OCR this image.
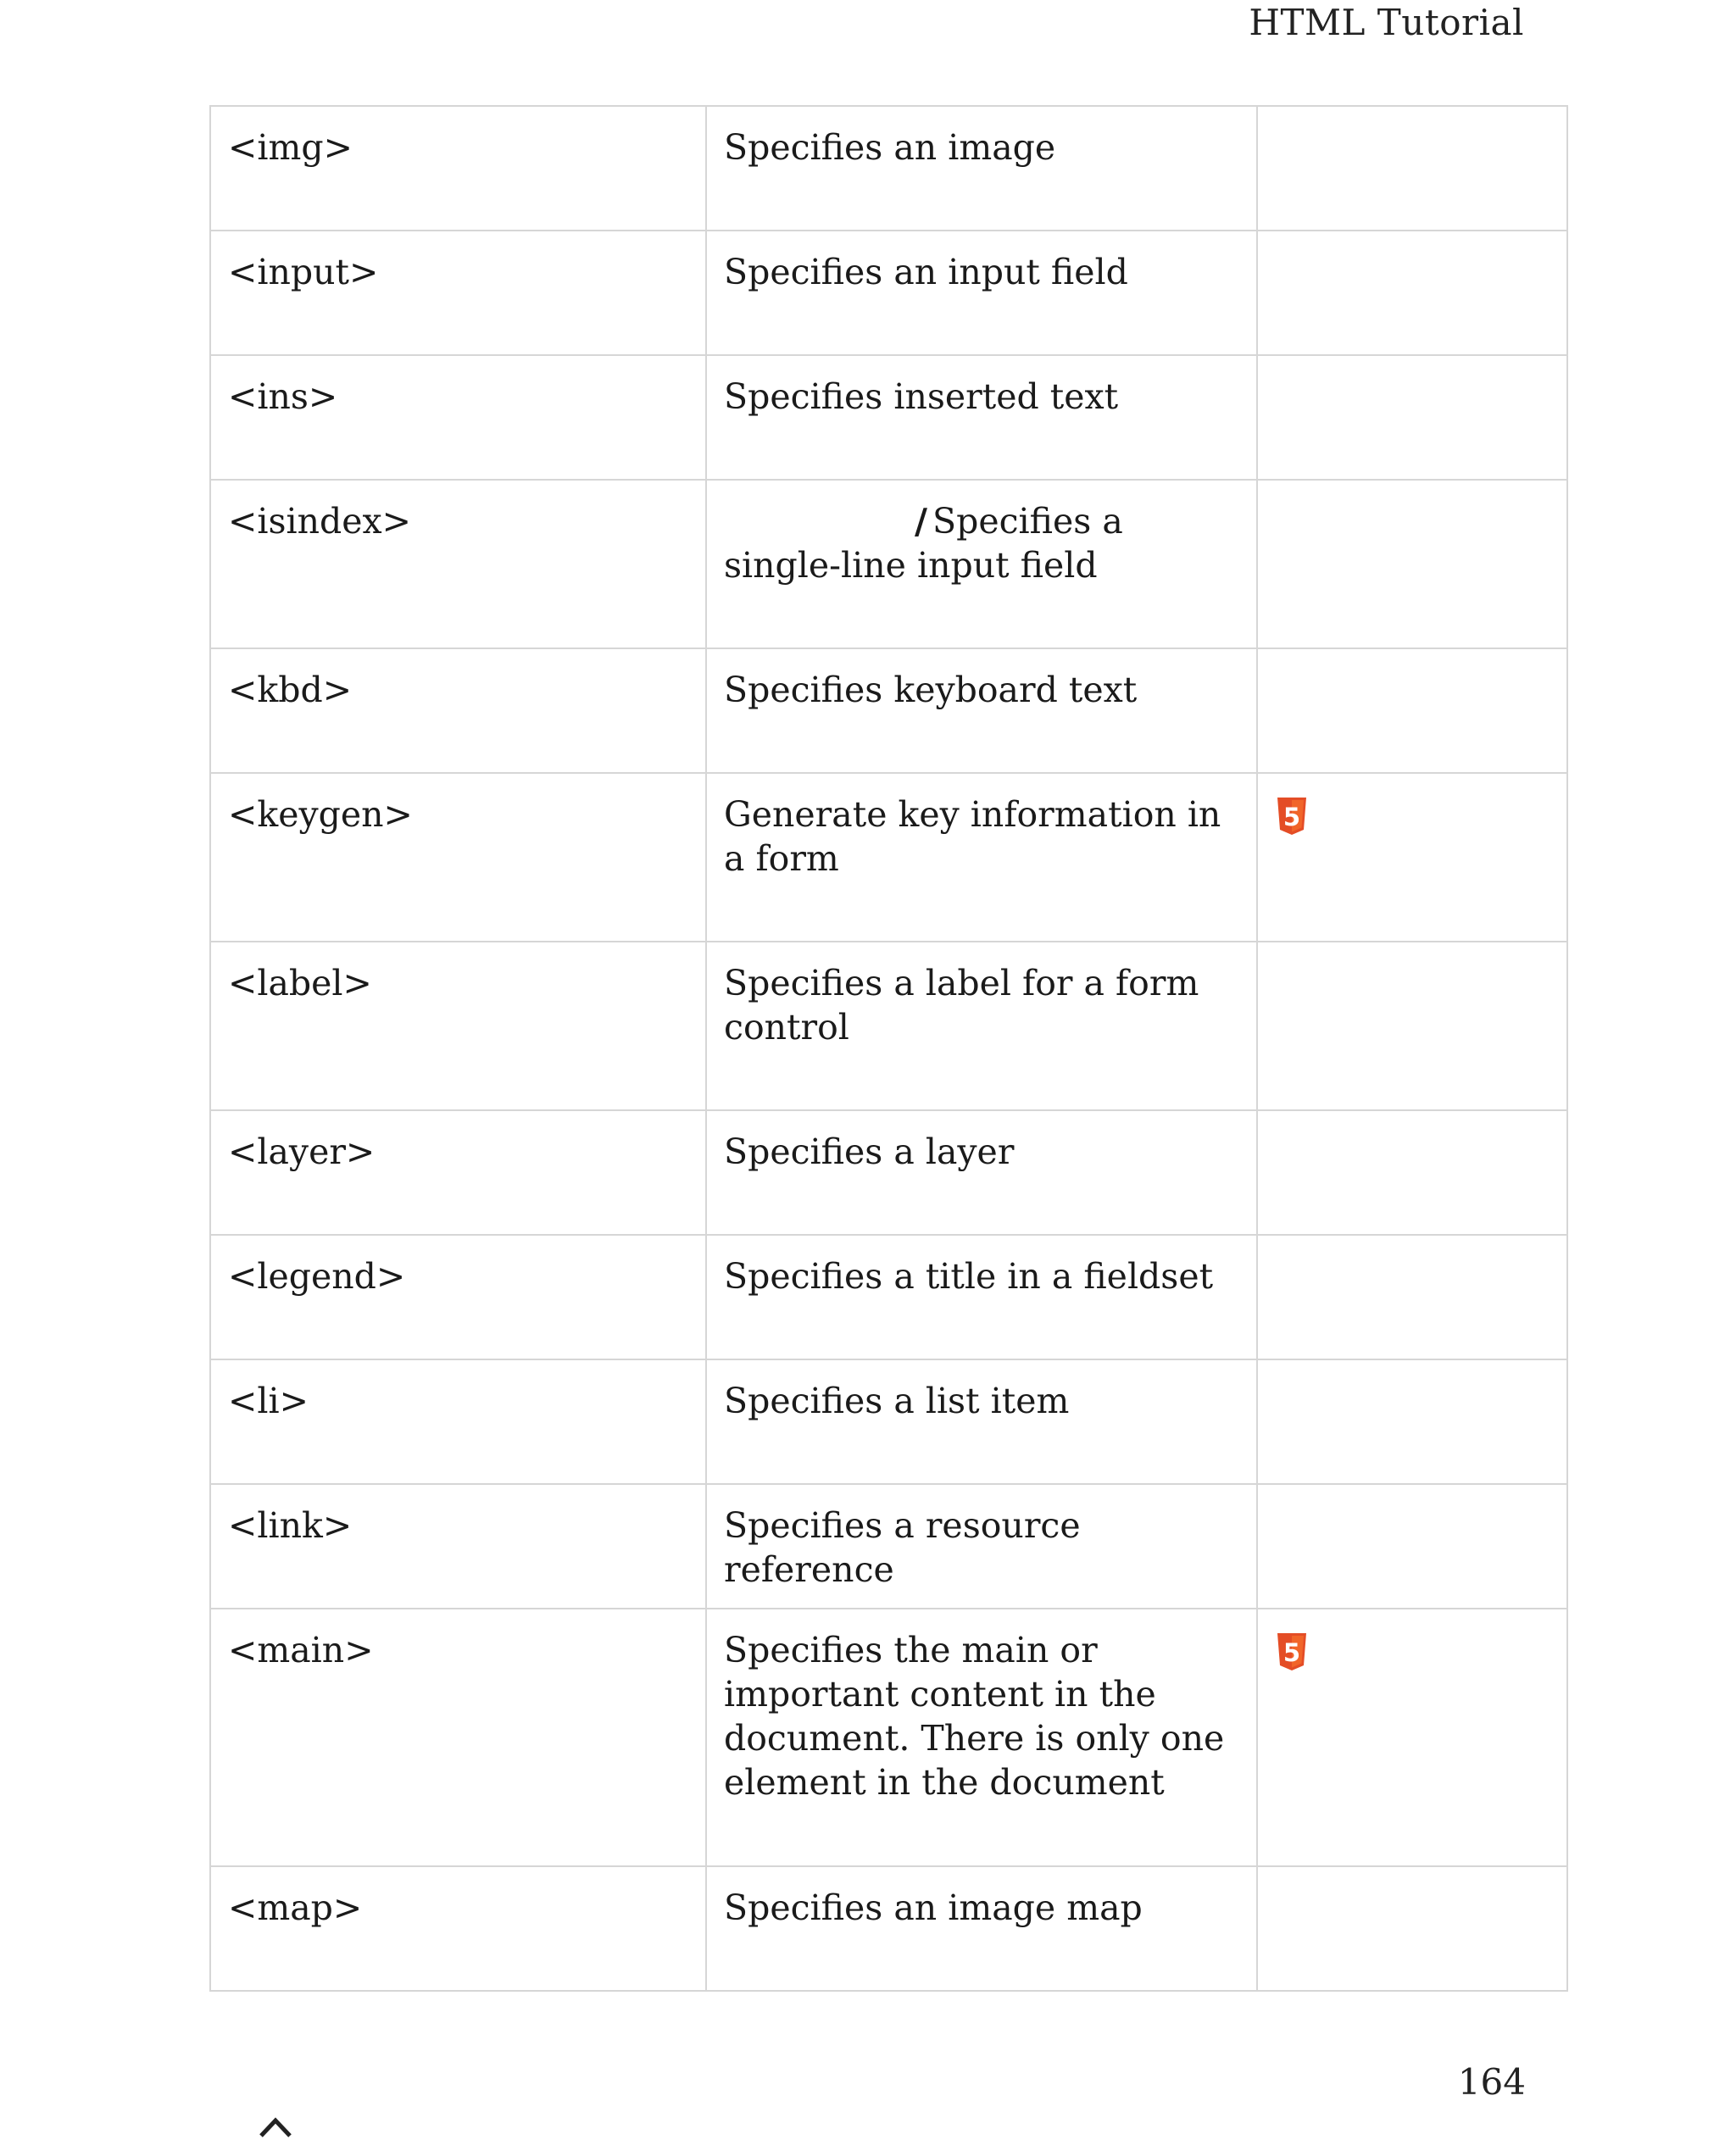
HTML Tutorial
<img>	Specifies an image	
<input>	Specifies an input field	
<ins>	Specifies inserted text	
<isindex>	/ Specifies a single-line input field	
<kbd>	Specifies keyboard text	
<keygen>	Generate key information in a form	5

<label>	Specifies a label for a form control	
<layer>	Specifies a layer	
<legend>	Specifies a title in a fieldset	
<li>	Specifies a list item	
<link>	Specifies a resource reference	
<main>	Specifies the main or important content in the document. There is only one element in the document	5

<map>	Specifies an image map	
164
